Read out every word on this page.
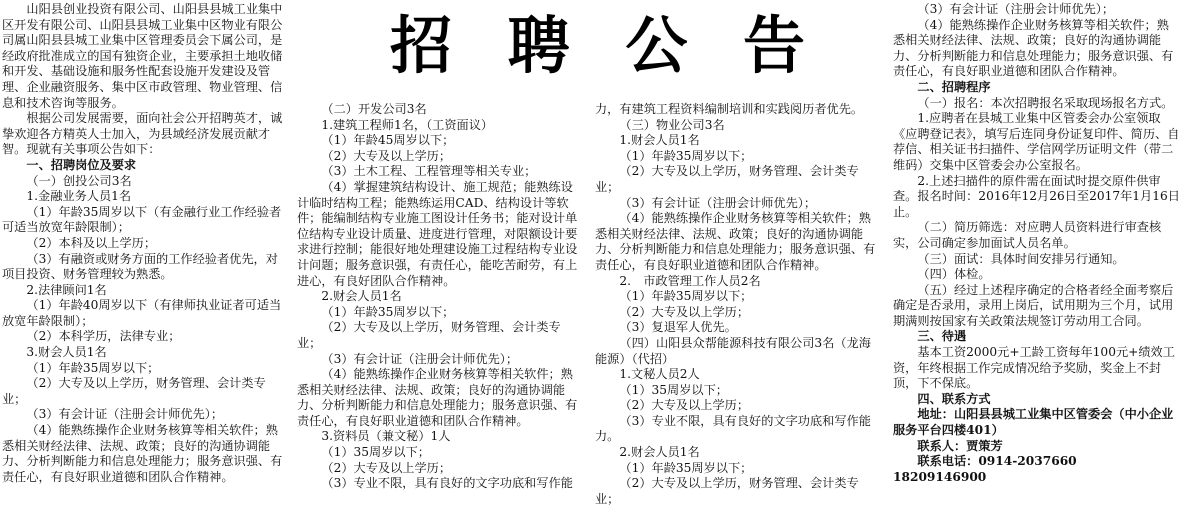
招 聘 公 告

山阳县创业投资有限公司、山阳县县城工业集中区开发有限公司、山阳县县城工业集中区物业有限公司属山阳县县城工业集中区管理委员会下属公司，是经政府批准成立的国有独资企业，主要承担土地收储和开发、基础设施和服务性配套设施开发建设及管理、企业融资服务、集中区市政管理、物业管理、信息和技术咨询等服务。

根据公司发展需要，面向社会公开招聘英才，诚挚欢迎各方精英人士加入，为县域经济发展贡献才智。现就有关事项公告如下：

一、招聘岗位及要求

（一）创投公司3名

1.金融业务人员1名

（1）年龄35周岁以下（有金融行业工作经验者可适当放宽年龄限制）；

（2）本科及以上学历；

（3）有融资或财务方面的工作经验者优先，对项目投资、财务管理较为熟悉。

2.法律顾问1名

（1）年龄40周岁以下（有律师执业证者可适当放宽年龄限制）；

（2）本科学历，法律专业；

3.财会人员1名

（1）年龄35周岁以下；

（2）大专及以上学历，财务管理、会计类专业；

（3）有会计证（注册会计师优先）；

（4）能熟练操作企业财务核算等相关软件；熟悉相关财经法律、法规、政策；良好的沟通协调能力、分析判断能力和信息处理能力；服务意识强、有责任心，有良好职业道德和团队合作精神。

（二）开发公司3名

1.建筑工程师1名，（工资面议）

（1）年龄45周岁以下；

（2）大专及以上学历；

（3）土木工程、工程管理等相关专业；

（4）掌握建筑结构设计、施工规范；能熟练设计临时结构工程；能熟练运用CAD、结构设计等软件；能编制结构专业施工图设计任务书；能对设计单位结构专业设计质量、进度进行管理，对限额设计要求进行控制；能很好地处理建设施工过程结构专业设计问题；服务意识强，有责任心，能吃苦耐劳，有上进心，有良好团队合作精神。

2.财会人员1名

（1）年龄35周岁以下；

（2）大专及以上学历，财务管理、会计类专业；

（3）有会计证（注册会计师优先）；

（4）能熟练操作企业财务核算等相关软件；熟悉相关财经法律、法规、政策；良好的沟通协调能力、分析判断能力和信息处理能力；服务意识强、有责任心，有良好职业道德和团队合作精神。

3.资料员（兼文秘）1人

（1）35周岁以下；

（2）大专及以上学历；

（3）专业不限，具有良好的文字功底和写作能

力，有建筑工程资料编制培训和实践阅历者优先。

（三）物业公司3名

1.财会人员1名

（1）年龄35周岁以下；

（2）大专及以上学历，财务管理、会计类专业；

（3）有会计证（注册会计师优先）；

（4）能熟练操作企业财务核算等相关软件；熟悉相关财经法律、法规、政策；良好的沟通协调能力、分析判断能力和信息处理能力；服务意识强、有责任心，有良好职业道德和团队合作精神。

2.　市政管理工作人员2名

（1）年龄35周岁以下；

（2）大专及以上学历；

（3）复退军人优先。

（四）山阳县众帮能源科技有限公司3名（龙海能源）（代招）

1.文秘人员2人

（1）35周岁以下；

（2）大专及以上学历；

（3）专业不限，具有良好的文字功底和写作能力。

2.财会人员1名

（1）年龄35周岁以下；

（2）大专及以上学历，财务管理、会计类专业；

（3）有会计证（注册会计师优先）；

（4）能熟练操作企业财务核算等相关软件；熟悉相关财经法律、法规、政策；良好的沟通协调能力、分析判断能力和信息处理能力；服务意识强、有责任心，有良好职业道德和团队合作精神。

二、招聘程序

（一）报名：本次招聘报名采取现场报名方式。

1.应聘者在县城工业集中区管委会办公室领取《应聘登记表》，填写后连同身份证复印件、简历、自荐信、相关证书扫描件、学信网学历证明文件（带二维码）交集中区管委会办公室报名。

2.上述扫描件的原件需在面试时提交原件供审查。报名时间：2016年12月26日至2017年1月16日止。

（二）简历筛选：对应聘人员资料进行审查核实，公司确定参加面试人员名单。

（三）面试：具体时间安排另行通知。

（四）体检。

（五）经过上述程序确定的合格者经全面考察后确定是否录用，录用上岗后，试用期为三个月，试用期满则按国家有关政策法规签订劳动用工合同。

三、待遇

基本工资2000元+工龄工资每年100元+绩效工资，年终根据工作完成情况给予奖励，奖金上不封顶，下不保底。

四、联系方式

地址：山阳县县城工业集中区管委会（中小企业服务平台四楼401）

联系人：贾策芳

联系电话：0914-2037660　18209146900
